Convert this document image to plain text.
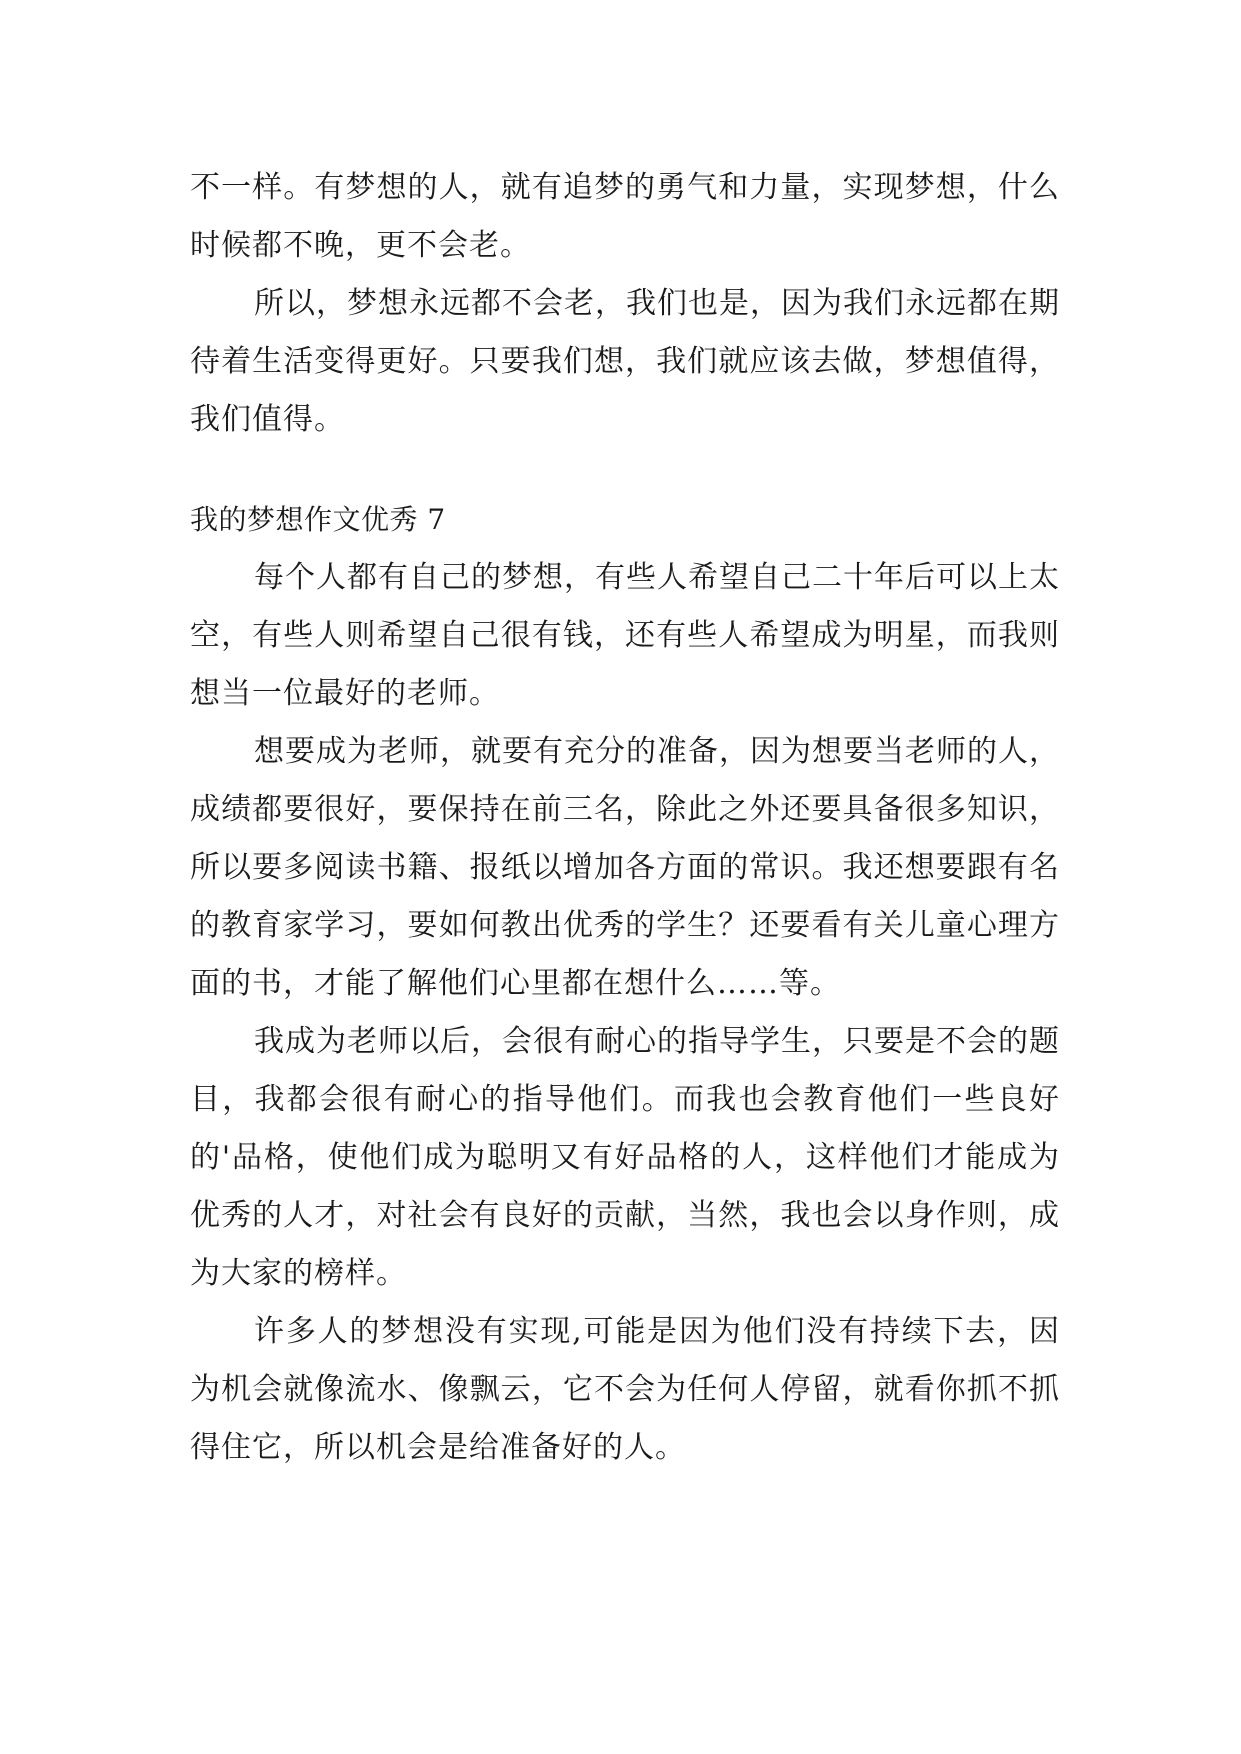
不一样。有梦想的人，就有追梦的勇气和力量，实现梦想，什么时候都不晚，更不会老。

所以，梦想永远都不会老，我们也是，因为我们永远都在期待着生活变得更好。只要我们想，我们就应该去做，梦想值得，我们值得。

我的梦想作文优秀 7

每个人都有自己的梦想，有些人希望自己二十年后可以上太空，有些人则希望自己很有钱，还有些人希望成为明星，而我则想当一位最好的老师。

想要成为老师，就要有充分的准备，因为想要当老师的人，成绩都要很好，要保持在前三名，除此之外还要具备很多知识，所以要多阅读书籍、报纸以增加各方面的常识。我还想要跟有名的教育家学习，要如何教出优秀的学生？还要看有关儿童心理方面的书，才能了解他们心里都在想什么……等。

我成为老师以后，会很有耐心的指导学生，只要是不会的题目，我都会很有耐心的指导他们。而我也会教育他们一些良好的'品格，使他们成为聪明又有好品格的人，这样他们才能成为优秀的人才，对社会有良好的贡献，当然，我也会以身作则，成为大家的榜样。

许多人的梦想没有实现,可能是因为他们没有持续下去，因为机会就像流水、像飘云，它不会为任何人停留，就看你抓不抓得住它，所以机会是给准备好的人。
